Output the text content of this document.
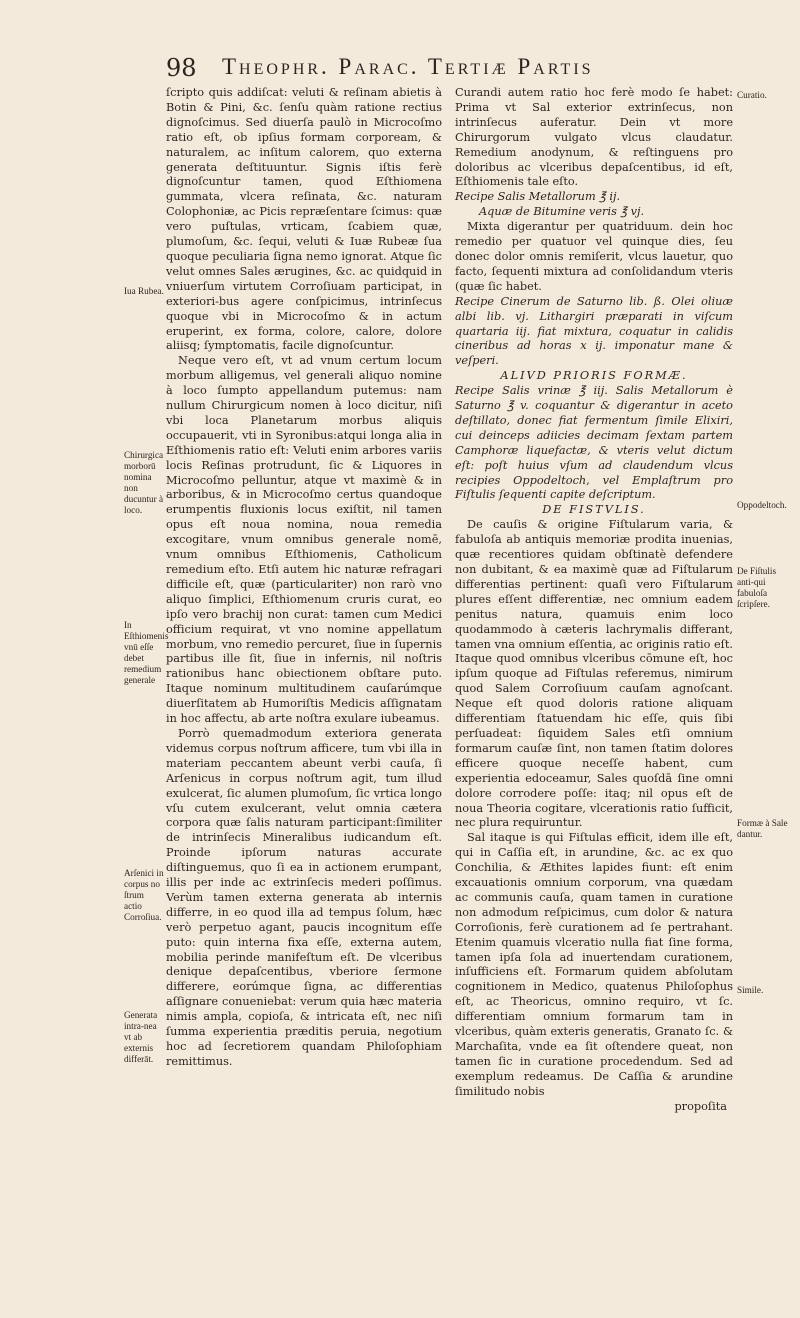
98 Theophr. Parac. Tertiæ Partis

ſcripto quis addiſcat: veluti & reſinam abietis à Botin & Pini, &c. ſenſu quàm ratione rectius dignoſcimus. Sed diuerſa paulò in Microcoſmo ratio eſt, ob ipſius formam corpoream, & naturalem, ac inſitum calorem, quo externa generata deſtituuntur. Signis iſtis ferè dignoſcuntur tamen, quod Eſthiomena gummata, vlcera reſinata, &c. naturam Colophoniæ, ac Picis repræſentare ſcimus: quæ vero puſtulas, vrticam, ſcabiem quæ, plumoſum, &c. ſequi, veluti & Iuæ Rubeæ ſua quoque peculiaria ſigna nemo ignorat. Atque ſic velut omnes Sales ærugines, &c. ac quidquid in vniuerſum virtutem Corroſiuam participat, in exteriori-bus agere conſpicimus, intrinſecus quoque vbi in Microcoſmo & in actum eruperint, ex forma, colore, calore, dolore aliisq; ſymptomatis, facile dignoſcuntur.

Neque vero eſt, vt ad vnum certum locum morbum alligemus, vel generali aliquo nomine à loco ſumpto appellandum putemus: nam nullum Chirurgicum nomen à loco dicitur, niſi vbi loca Planetarum morbus aliquis occupauerit, vti in Syronibus:atqui longa alia in Eſthiomenis ratio eſt: Veluti enim arbores variis locis Reſinas protrudunt, ſic & Liquores in Microcoſmo pelluntur, atque vt maximè & in arboribus, & in Microcoſmo certus quandoque erumpentis fluxionis locus exiſtit, nil tamen opus eſt noua nomina, noua remedia excogitare, vnum omnibus generale nomē, vnum omnibus Eſthiomenis, Catholicum remedium eſto. Etſi autem hic naturæ refragari difficile eſt, quæ (particulariter) non rarò vno aliquo ſimplici, Eſthiomenum cruris curat, eo ipſo vero brachij non curat: tamen cum Medici officium requirat, vt vno nomine appellatum morbum, vno remedio percuret, ſiue in ſupernis partibus ille ſit, ſiue in infernis, nil noſtris rationibus hanc obiectionem obſtare puto. Itaque nominum multitudinem cauſarúmque diuerſitatem ab Humoriſtis Medicis aſſignatam in hoc affectu, ab arte noſtra exulare iubeamus.

Porrò quemadmodum exteriora generata videmus corpus noſtrum afficere, tum vbi illa in materiam peccantem abeunt verbi cauſa, ſi Arſenicus in corpus noſtrum agit, tum illud exulcerat, ſic alumen plumoſum, ſic vrtica longo vſu cutem exulcerant, velut omnia cætera corpora quæ ſalis naturam participant:ſimiliter de intrinſecis Mineralibus iudicandum eſt. Proinde ipſorum naturas accurate diſtinguemus, quo ſi ea in actionem erumpant, illis per inde ac extrinſecis mederi poſſimus. Verùm tamen externa generata ab internis differre, in eo quod illa ad tempus ſolum, hæc verò perpetuo agant, paucis incognitum eſſe puto: quin interna fixa eſſe, externa autem, mobilia perinde manifeſtum eſt. De vlceribus denique depaſcentibus, vberiore ſermone differere, eorúmque ſigna, ac differentias aſſignare conueniebat: verum quia hæc materia nimis ampla, copioſa, & intricata eſt, nec niſi ſumma experientia præditis peruia, negotium hoc ad ſecretiorem quandam Philoſophiam remittimus.

Curandi autem ratio hoc ferè modo ſe habet: Prima vt Sal exterior extrinſecus, non intrinſecus auferatur. Dein vt more Chirurgorum vulgato vlcus claudatur. Remedium anodynum, & reſtinguens pro doloribus ac vlceribus depaſcentibus, id eſt, Eſthiomenis tale eſto.

Recipe Salis Metallorum ℥ ij.

Aquæ de Bitumine veris ℥ vj.

Mixta digerantur per quatriduum. dein hoc remedio per quatuor vel quinque dies, ſeu donec dolor omnis remiſerit, vlcus lauetur, quo facto, ſequenti mixtura ad conſolidandum vteris (quæ ſic habet.

Recipe Cinerum de Saturno lib. ß. Olei oliuæ albi lib. vj. Lithargiri præparati in viſcum quartaria iij. fiat mixtura, coquatur in calidis cineribus ad horas x ij. imponatur mane & veſperi.

ALIVD PRIORIS FORMÆ.

Recipe Salis vrinæ ℥ iij. Salis Metallorum è Saturno ℥ v. coquantur & digerantur in aceto deſtillato, donec fiat fermentum ſimile Elixiri, cui deinceps adiicies decimam ſextam partem Camphoræ liquefactæ, & vteris velut dictum eſt: poſt huius vſum ad claudendum vlcus recipies Oppodeltoch, vel Emplaſtrum pro Fiſtulis ſequenti capite deſcriptum.

DE FISTVLIS.

De cauſis & origine Fiſtularum varia, & fabuloſa ab antiquis memoriæ prodita inuenias, quæ recentiores quidam obſtinatè defendere non dubitant, & ea maximè quæ ad Fiſtularum differentias pertinent: quaſi vero Fiſtularum plures eſſent differentiæ, nec omnium eadem penitus natura, quamuis enim loco quodammodo à cæteris lachrymalis differant, tamen vna omnium eſſentia, ac originis ratio eſt. Itaque quod omnibus vlceribus cōmune eſt, hoc ipſum quoque ad Fiſtulas referemus, nimirum quod Salem Corroſiuum cauſam agnoſcant. Neque eſt quod doloris ratione aliquam differentiam ſtatuendam hic eſſe, quis ſibi perſuadeat: ſiquidem Sales etſi omnium formarum cauſæ ſint, non tamen ſtatim dolores efficere quoque neceſſe habent, cum experientia edoceamur, Sales quoſdā ſine omni dolore corrodere poſſe: itaq; nil opus eſt de noua Theoria cogitare, vlcerationis ratio ſufficit, nec plura requiruntur.

Sal itaque is qui Fiſtulas efficit, idem ille eſt, qui in Caſſia eſt, in arundine, &c. ac ex quo Conchilia, & Æthites lapides fiunt: eſt enim excauationis omnium corporum, vna quædam ac communis cauſa, quam tamen in curatione non admodum reſpicimus, cum dolor & natura Corroſionis, ferè curationem ad ſe pertrahant. Etenim quamuis vlceratio nulla fiat ſine forma, tamen ipſa ſola ad inuertendam curationem, inſufficiens eſt. Formarum quidem abſolutam cognitionem in Medico, quatenus Philoſophus eſt, ac Theoricus, omnino requiro, vt ſc. differentiam omnium formarum tam in vlceribus, quàm exteris generatis, Granato ſc. & Marchaſita, vnde ea ſit oſtendere queat, non tamen ſic in curatione procedendum. Sed ad exemplum redeamus. De Caſſia & arundine ſimilitudo nobis

propoſita
Iua Rubea.
Chirurgica morborū nomina non ducuntur à loco.
In Eſthiomenis vnū eſſe debet remedium generale
Arſenici in corpus no ſtrum actio Corroſiua.
Generata intra-nea vt ab externis differāt.
Curatio.
Oppodeltoch.
De Fiſtulis anti-qui fabuloſa ſcripſere.
Formæ à Sale dantur.
Simile.
